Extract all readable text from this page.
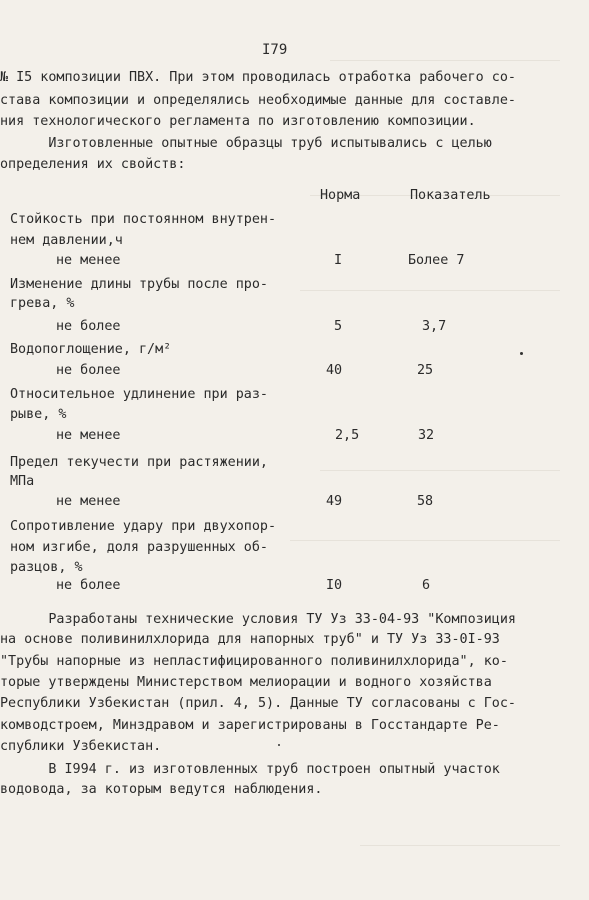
I79

№ I5 композиции ПВХ. При этом проводилась отработка рабочего со-

става композиции и определялись необходимые данные для составле-

ния технологического регламента по изготовлению композиции.

Изготовленные опытные образцы труб испытывались с целью

определения их свойств:

Норма	Показатель
Стойкость при постоянном внутрен-
нем давлении,ч
не менее	I	Более 7
Изменение длины трубы после про-
грева, %
не более	5	3,7
Водопоглощение, г/м²
не более	40	25
Относительное удлинение при раз-
рыве, %
не менее	2,5	32
Предел текучести при растяжении,
МПа
не менее	49	58
Сопротивление удару при двухопор-
ном изгибе, доля разрушенных об-
разцов, %
не более	I0	6

Разработаны технические условия ТУ Уз 33-04-93 "Композиция

на основе поливинилхлорида для напорных труб" и ТУ Уз 33-0I-93

"Трубы напорные из непластифицированного поливинилхлорида", ко-

торые утверждены Министерством мелиорации и водного хозяйства

Республики Узбекистан (прил. 4, 5). Данные ТУ согласованы с Гос-

комводстроем, Минздравом и зарегистрированы в Госстандарте Ре-

спублики Узбекистан.

В I994 г. из изготовленных труб построен опытный участок

водовода, за которым ведутся наблюдения.
